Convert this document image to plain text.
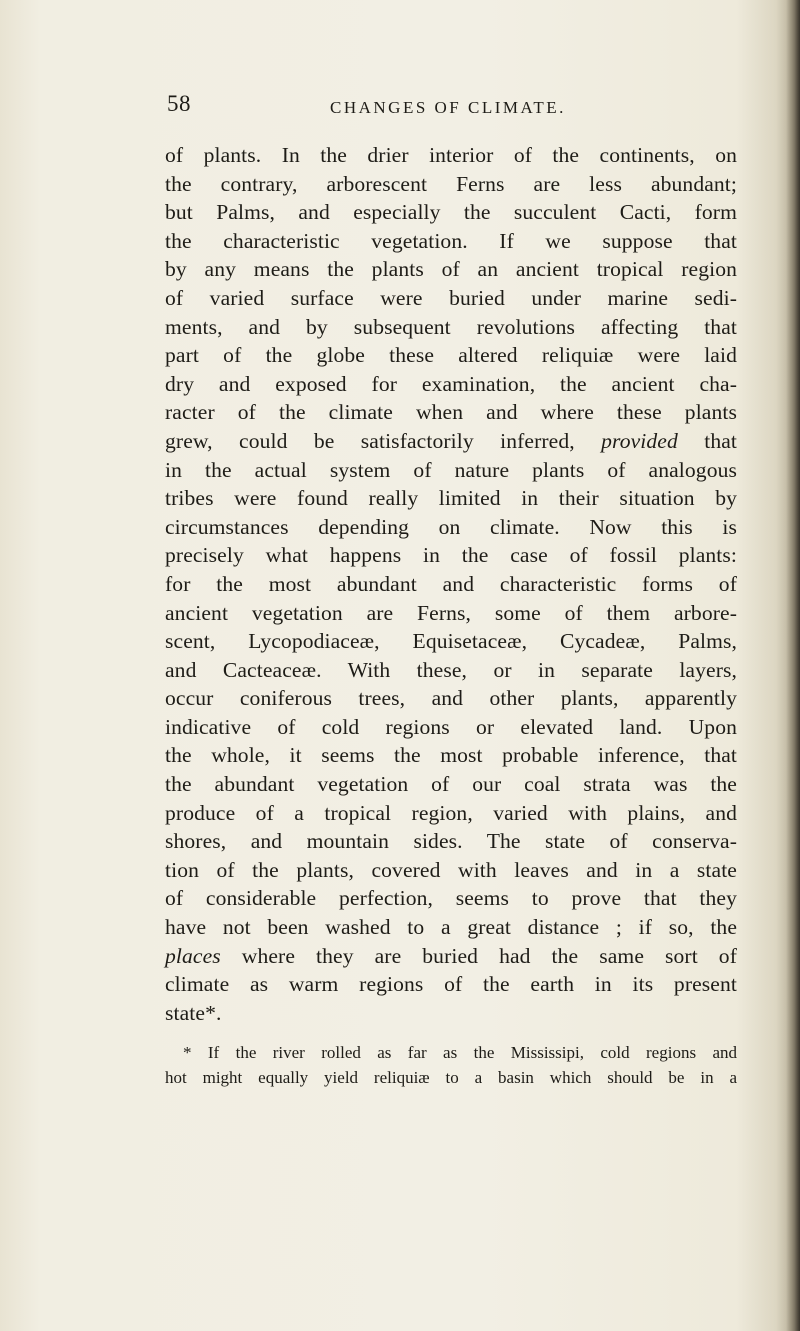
58	CHANGES OF CLIMATE.
of plants. In the drier interior of the continents, on
the contrary, arborescent Ferns are less abundant;
but Palms, and especially the succulent Cacti, form
the characteristic vegetation. If we suppose that
by any means the plants of an ancient tropical region
of varied surface were buried under marine sedi-
ments, and by subsequent revolutions affecting that
part of the globe these altered reliquiæ were laid
dry and exposed for examination, the ancient cha-
racter of the climate when and where these plants
grew, could be satisfactorily inferred, provided that
in the actual system of nature plants of analogous
tribes were found really limited in their situation by
circumstances depending on climate. Now this is
precisely what happens in the case of fossil plants:
for the most abundant and characteristic forms of
ancient vegetation are Ferns, some of them arbore-
scent, Lycopodiaceæ, Equisetaceæ, Cycadeæ, Palms,
and Cacteaceæ. With these, or in separate layers,
occur coniferous trees, and other plants, apparently
indicative of cold regions or elevated land. Upon
the whole, it seems the most probable inference, that
the abundant vegetation of our coal strata was the
produce of a tropical region, varied with plains, and
shores, and mountain sides. The state of conserva-
tion of the plants, covered with leaves and in a state
of considerable perfection, seems to prove that they
have not been washed to a great distance ; if so, the
places where they are buried had the same sort of
climate as warm regions of the earth in its present
state*.
* If the river rolled as far as the Mississipi, cold regions and
hot might equally yield reliquiæ to a basin which should be in a
